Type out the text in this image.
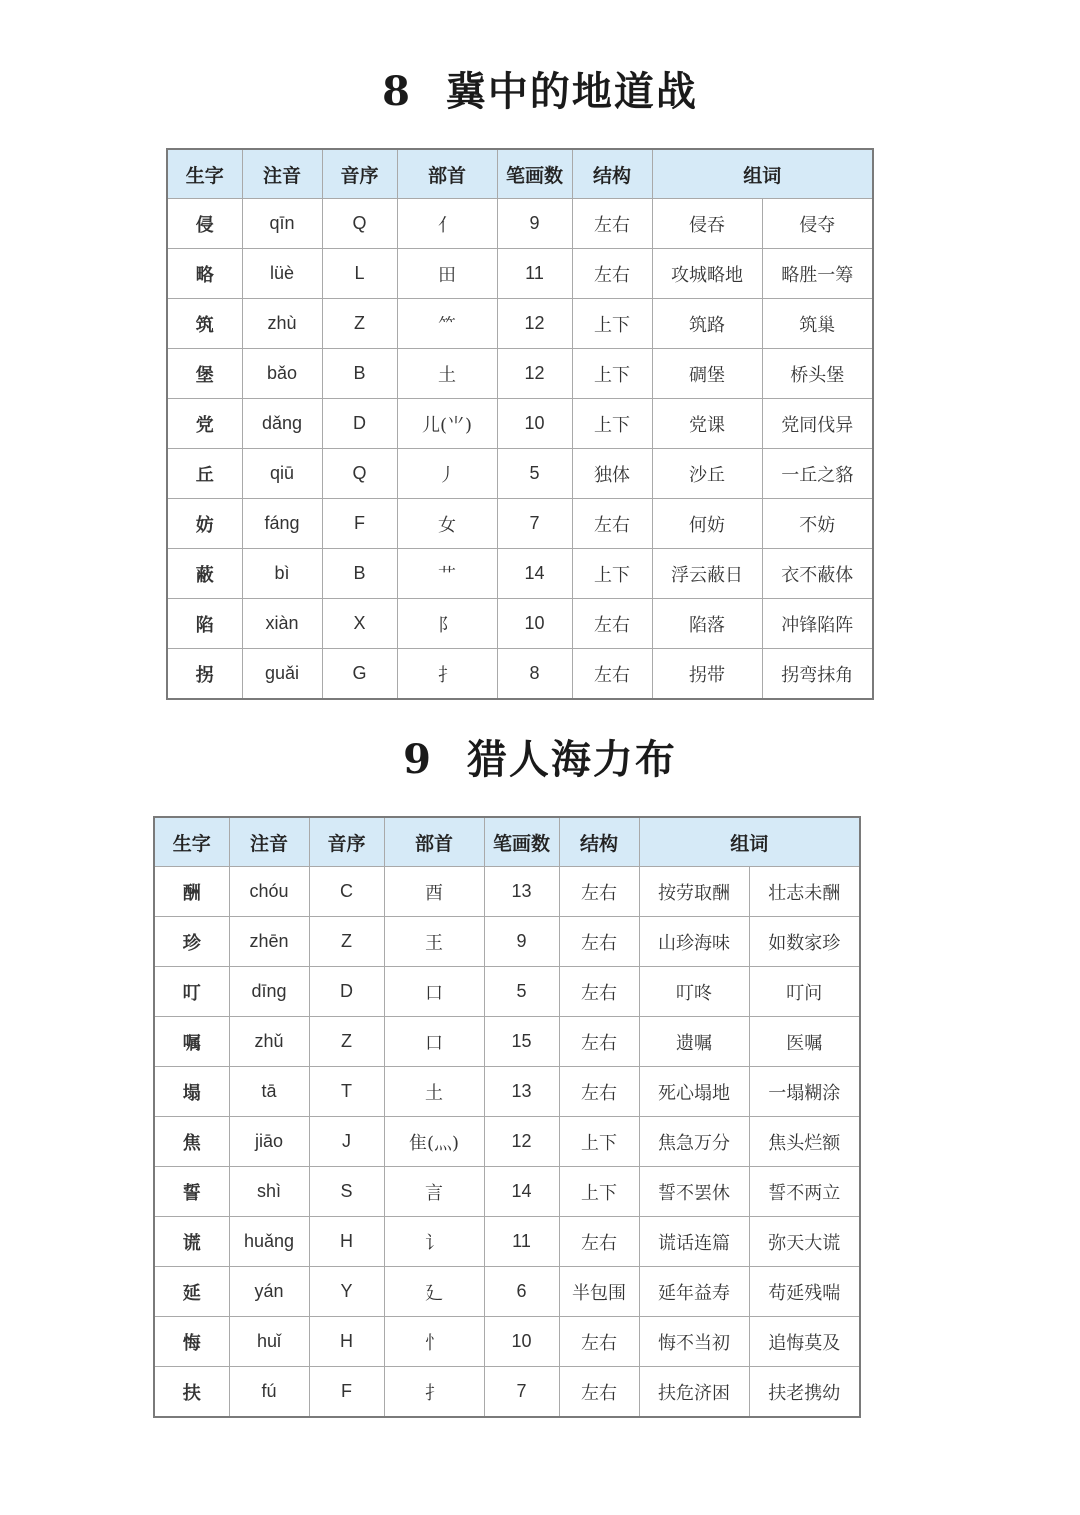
8 冀中的地道战
生字	注音	音序	部首	笔画数	结构	组词	
侵	qīn	Q	亻	9	左右	侵吞	侵夺
略	lüè	L	田	11	左右	攻城略地	略胜一筹
筑	zhù	Z	⺮	12	上下	筑路	筑巢
堡	bǎo	B	土	12	上下	碉堡	桥头堡
党	dǎng	D	儿(⺌)	10	上下	党课	党同伐异
丘	qiū	Q	丿	5	独体	沙丘	一丘之貉
妨	fáng	F	女	7	左右	何妨	不妨
蔽	bì	B	艹	14	上下	浮云蔽日	衣不蔽体
陷	xiàn	X	阝	10	左右	陷落	冲锋陷阵
拐	guǎi	G	扌	8	左右	拐带	拐弯抹角
9 猎人海力布
生字	注音	音序	部首	笔画数	结构	组词	
酬	chóu	C	酉	13	左右	按劳取酬	壮志未酬
珍	zhēn	Z	王	9	左右	山珍海味	如数家珍
叮	dīng	D	口	5	左右	叮咚	叮问
嘱	zhǔ	Z	口	15	左右	遗嘱	医嘱
塌	tā	T	土	13	左右	死心塌地	一塌糊涂
焦	jiāo	J	隹(灬)	12	上下	焦急万分	焦头烂额
誓	shì	S	言	14	上下	誓不罢休	誓不两立
谎	huǎng	H	讠	11	左右	谎话连篇	弥天大谎
延	yán	Y	廴	6	半包围	延年益寿	苟延残喘
悔	huǐ	H	忄	10	左右	悔不当初	追悔莫及
扶	fú	F	扌	7	左右	扶危济困	扶老携幼
